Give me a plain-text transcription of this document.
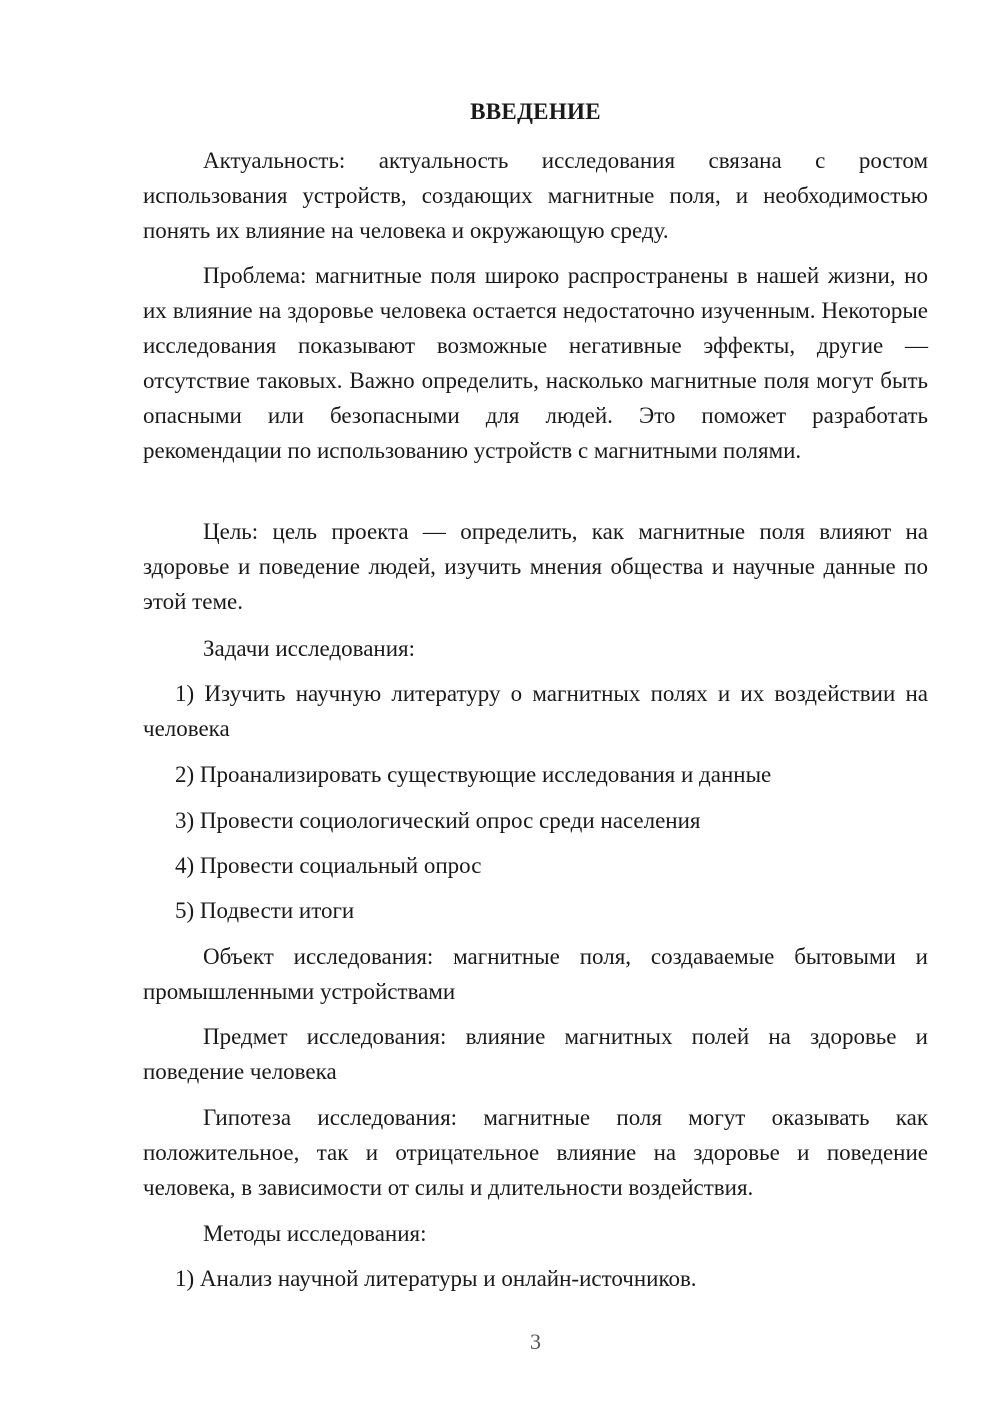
ВВЕДЕНИЕ

Актуальность: актуальность исследования связана с ростом использования устройств, создающих магнитные поля, и необходимостью понять их влияние на человека и окружающую среду.

Проблема: магнитные поля широко распространены в нашей жизни, но их влияние на здоровье человека остается недостаточно изученным. Некоторые исследования показывают возможные негативные эффекты, другие — отсутствие таковых. Важно определить, насколько магнитные поля могут быть опасными или безопасными для людей. Это поможет разработать рекомендации по использованию устройств с магнитными полями.

Цель: цель проекта — определить, как магнитные поля влияют на здоровье и поведение людей, изучить мнения общества и научные данные по этой теме.

Задачи исследования:

1) Изучить научную литературу о магнитных полях и их воздействии на человека

2) Проанализировать существующие исследования и данные

3) Провести социологический опрос среди населения

4) Провести социальный опрос

5) Подвести итоги

Объект исследования: магнитные поля, создаваемые бытовыми и промышленными устройствами

Предмет исследования: влияние магнитных полей на здоровье и поведение человека

Гипотеза исследования: магнитные поля могут оказывать как положительное, так и отрицательное влияние на здоровье и поведение человека, в зависимости от силы и длительности воздействия.

Методы исследования:

1) Анализ научной литературы и онлайн-источников.

3
